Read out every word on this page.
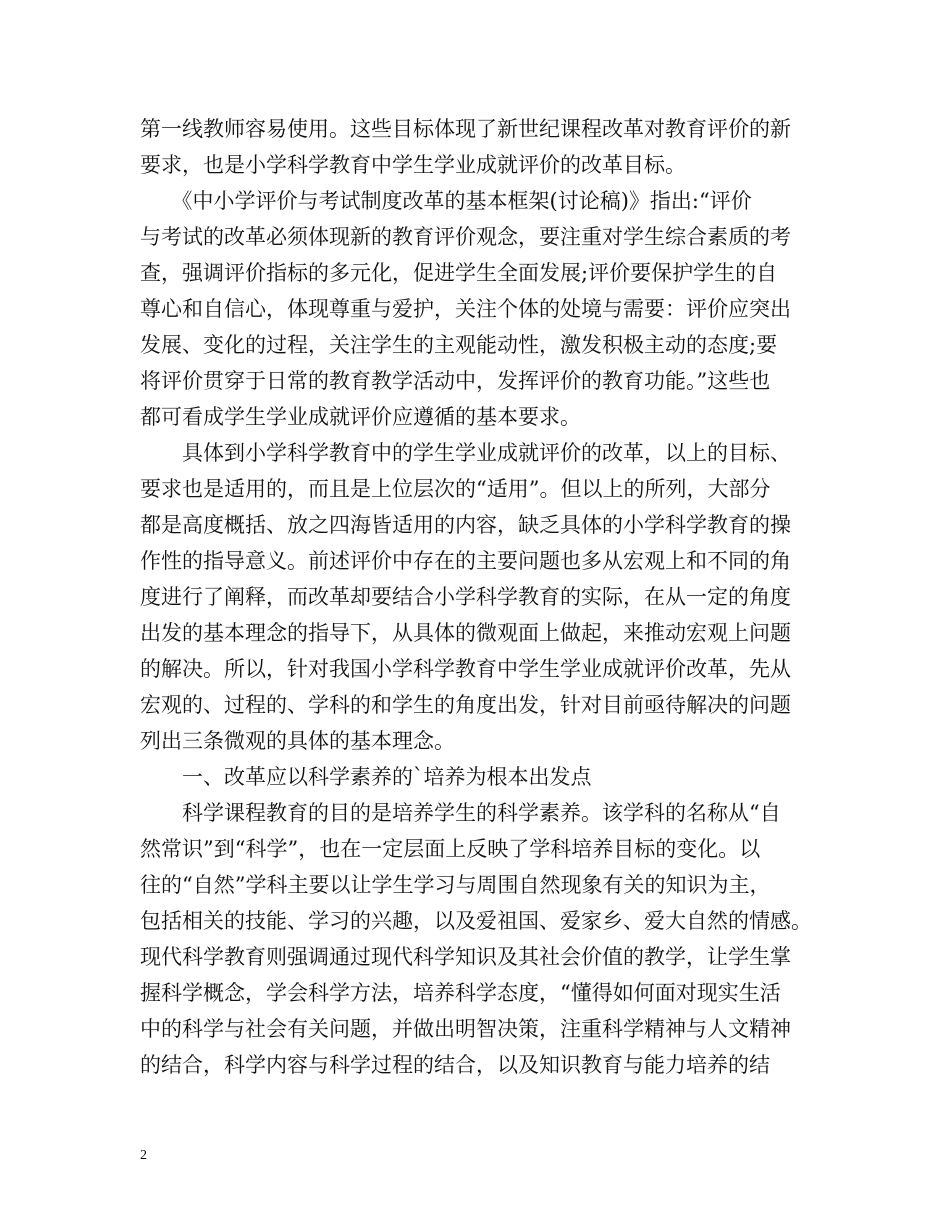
第一线教师容易使用。这些目标体现了新世纪课程改革对教育评价的新
要求，也是小学科学教育中学生学业成就评价的改革目标。
　　《中小学评价与考试制度改革的基本框架(讨论稿)》指出:“评价
与考试的改革必须体现新的教育评价观念，要注重对学生综合素质的考
查，强调评价指标的多元化，促进学生全面发展;评价要保护学生的自
尊心和自信心，体现尊重与爱护，关注个体的处境与需要：评价应突出
发展、变化的过程，关注学生的主观能动性，激发积极主动的态度;要
将评价贯穿于日常的教育教学活动中，发挥评价的教育功能。”这些也
都可看成学生学业成就评价应遵循的基本要求。
　　具体到小学科学教育中的学生学业成就评价的改革，以上的目标、
要求也是适用的，而且是上位层次的“适用”。但以上的所列，大部分
都是高度概括、放之四海皆适用的内容，缺乏具体的小学科学教育的操
作性的指导意义。前述评价中存在的主要问题也多从宏观上和不同的角
度进行了阐释，而改革却要结合小学科学教育的实际，在从一定的角度
出发的基本理念的指导下，从具体的微观面上做起，来推动宏观上问题
的解决。所以，针对我国小学科学教育中学生学业成就评价改革，先从
宏观的、过程的、学科的和学生的角度出发，针对目前亟待解决的问题
列出三条微观的具体的基本理念。
　　一、改革应以科学素养的`培养为根本出发点
　　科学课程教育的目的是培养学生的科学素养。该学科的名称从“自
然常识”到“科学”，也在一定层面上反映了学科培养目标的变化。以
往的“自然”学科主要以让学生学习与周围自然现象有关的知识为主，
包括相关的技能、学习的兴趣，以及爱祖国、爱家乡、爱大自然的情感。
现代科学教育则强调通过现代科学知识及其社会价值的教学，让学生掌
握科学概念，学会科学方法，培养科学态度，“懂得如何面对现实生活
中的科学与社会有关问题，并做出明智决策，注重科学精神与人文精神
的结合，科学内容与科学过程的结合，以及知识教育与能力培养的结
2
